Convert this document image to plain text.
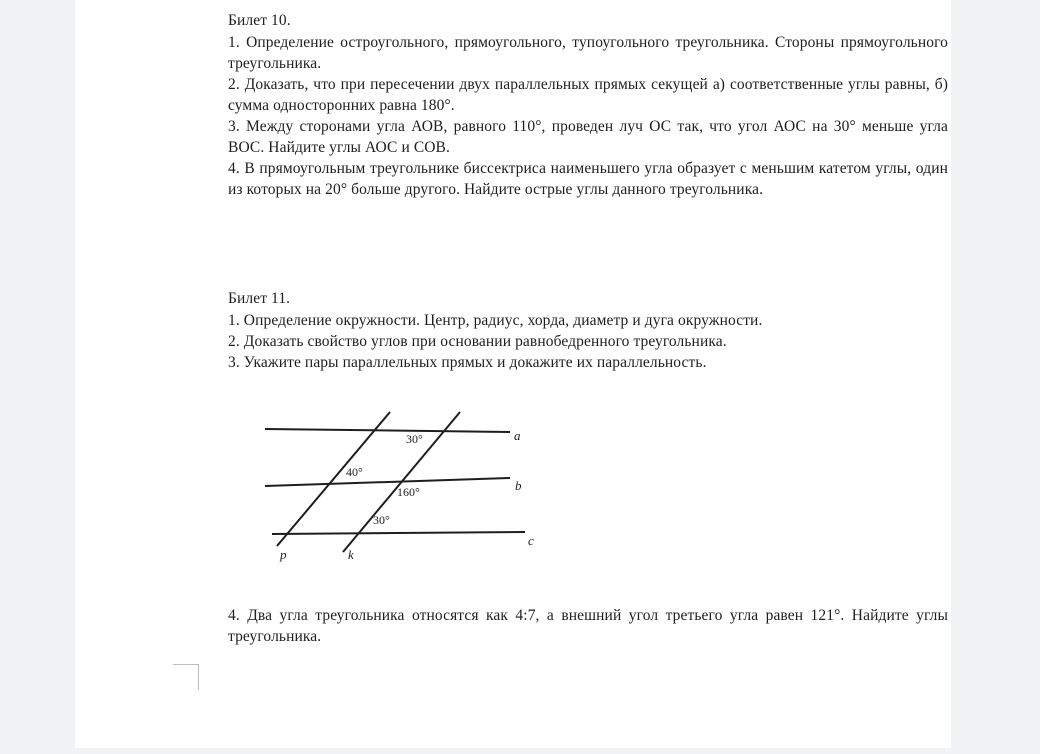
Билет 10.

1. Определение остроугольного, прямоугольного, тупоугольного треугольника. Стороны прямоугольного треугольника.

2. Доказать, что при пересечении двух параллельных прямых секущей а) соответственные углы равны, б) сумма односторонних равна 180°.

3. Между сторонами угла АОВ, равного 110°, проведен луч ОС так, что угол АОС на 30° меньше угла ВОС. Найдите углы АОС и СОВ.

4. В прямоугольным треугольнике биссектриса наименьшего угла образует с меньшим катетом углы, один из которых на 20° больше другого. Найдите острые углы данного треугольника.

Билет 11.

1. Определение окружности. Центр, радиус, хорда, диаметр и дуга окружности.

2. Доказать свойство углов при основании равнобедренного треугольника.

3. Укажите пары параллельных прямых и докажите их параллельность.

4. Два угла треугольника относятся как 4:7, а внешний угол третьего угла равен 121°. Найдите углы треугольника.

30°
40°
160°
30°
a
b
c
p	k
